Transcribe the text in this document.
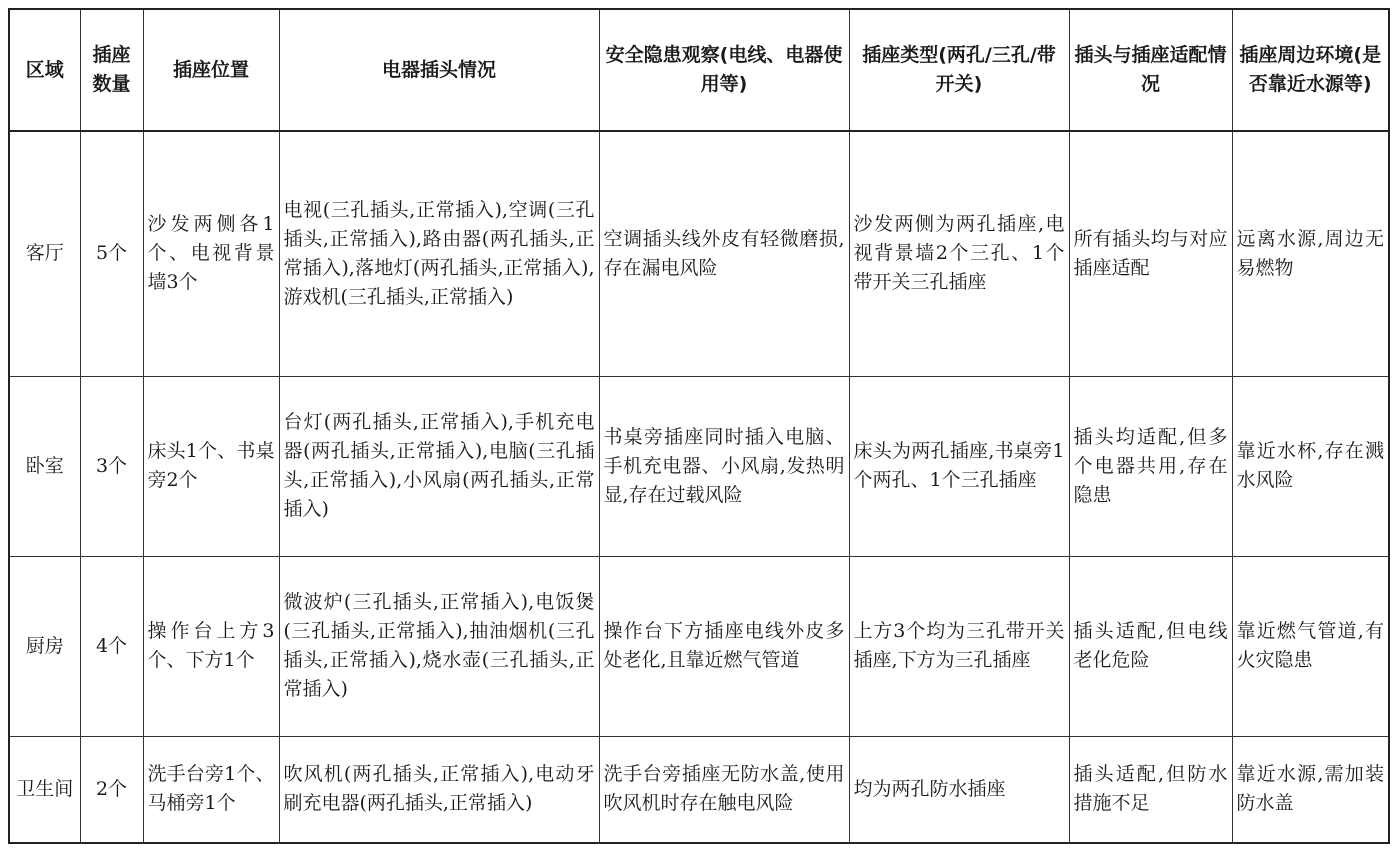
区域	插座数量	插座位置	电器插头情况	安全隐患观察(电线、电器使用等)	插座类型(两孔/三孔/带开关)	插头与插座适配情况	插座周边环境(是否靠近水源等)
客厅	5个	沙发两侧各1个、电视背景墙3个	电视(三孔插头,正常插入),空调(三孔插头,正常插入),路由器(两孔插头,正常插入),落地灯(两孔插头,正常插入),游戏机(三孔插头,正常插入)	空调插头线外皮有轻微磨损,存在漏电风险	沙发两侧为两孔插座,电视背景墙2个三孔、1个带开关三孔插座	所有插头均与对应插座适配	远离水源,周边无易燃物
卧室	3个	床头1个、书桌旁2个	台灯(两孔插头,正常插入),手机充电器(两孔插头,正常插入),电脑(三孔插头,正常插入),小风扇(两孔插头,正常插入)	书桌旁插座同时插入电脑、手机充电器、小风扇,发热明显,存在过载风险	床头为两孔插座,书桌旁1个两孔、1个三孔插座	插头均适配,但多个电器共用,存在隐患	靠近水杯,存在溅水风险
厨房	4个	操作台上方3个、下方1个	微波炉(三孔插头,正常插入),电饭煲(三孔插头,正常插入),抽油烟机(三孔插头,正常插入),烧水壶(三孔插头,正常插入)	操作台下方插座电线外皮多处老化,且靠近燃气管道	上方3个均为三孔带开关插座,下方为三孔插座	插头适配,但电线老化危险	靠近燃气管道,有火灾隐患
卫生间	2个	洗手台旁1个、马桶旁1个	吹风机(两孔插头,正常插入),电动牙刷充电器(两孔插头,正常插入)	洗手台旁插座无防水盖,使用吹风机时存在触电风险	均为两孔防水插座	插头适配,但防水措施不足	靠近水源,需加装防水盖
